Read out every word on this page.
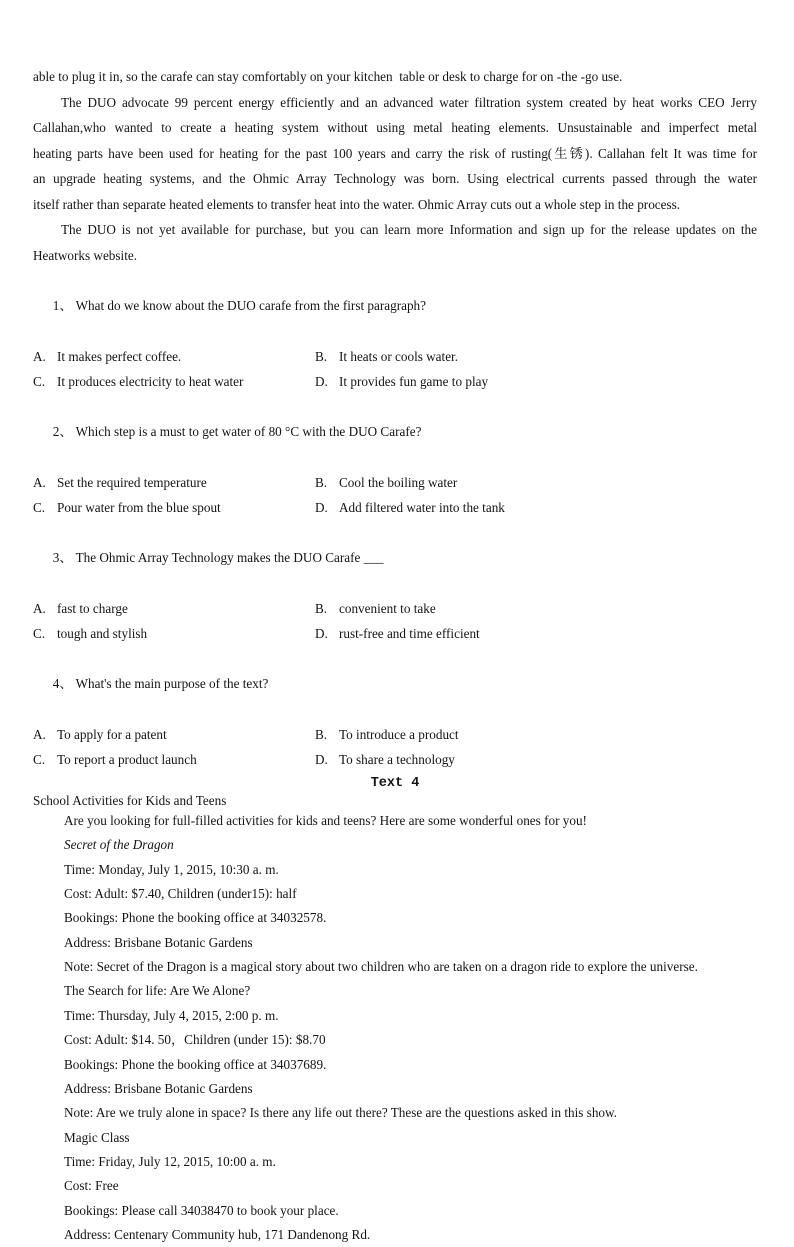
able to plug it in, so the carafe can stay comfortably on your kitchen  table or desk to charge for on -the -go use.
The DUO advocate 99 percent energy efficiently and an advanced water filtration system created by heat works CEO Jerry
Callahan,who wanted to create a heating system without using metal heating elements. Unsustainable and imperfect metal
heating parts have been used for heating for the past 100 years and carry the risk of rusting(生锈). Callahan felt It was time for
an upgrade heating systems, and the Ohmic Array Technology was born. Using electrical currents passed through the water
itself rather than separate heated elements to transfer heat into the water. Ohmic Array cuts out a whole step in the process.
The DUO is not yet available for purchase, but you can learn more Information and sign up for the release updates on the
Heatworks website.

1、 What do we know about the DUO carafe from the first paragraph?

A. It makes perfect coffee.	B. It heats or cools water.
C. It produces electricity to heat water	D. It provides fun game to play

2、 Which step is a must to get water of 80 °C with the DUO Carafe?

A. Set the required temperature	B. Cool the boiling water
C. Pour water from the blue spout	D. Add filtered water into the tank

3、 The Ohmic Array Technology makes the DUO Carafe ___

A. fast to charge	B. convenient to take
C. tough and stylish	D. rust-free and time efficient

4、 What's the main purpose of the text?

A. To apply for a patent	B. To introduce a product
C. To report a product launch	D. To share a technology
Text 4
School Activities for Kids and Teens
Are you looking for full-filled activities for kids and teens? Here are some wonderful ones for you!
Secret of the Dragon
Time: Monday, July 1, 2015, 10:30 a. m.
Cost: Adult: $7.40, Children (under15): half
Bookings: Phone the booking office at 34032578.
Address: Brisbane Botanic Gardens
Note: Secret of the Dragon is a magical story about two children who are taken on a dragon ride to explore the universe.
The Search for life: Are We Alone?
Time: Thursday, July 4, 2015, 2:00 p. m.
Cost: Adult: $14. 50，Children (under 15): $8.70
Bookings: Phone the booking office at 34037689.
Address: Brisbane Botanic Gardens
Note: Are we truly alone in space? Is there any life out there? These are the questions asked in this show.
Magic Class
Time: Friday, July 12, 2015, 10:00 a. m.
Cost: Free
Bookings: Please call 34038470 to book your place.
Address: Centenary Community hub, 171 Dandenong Rd.
